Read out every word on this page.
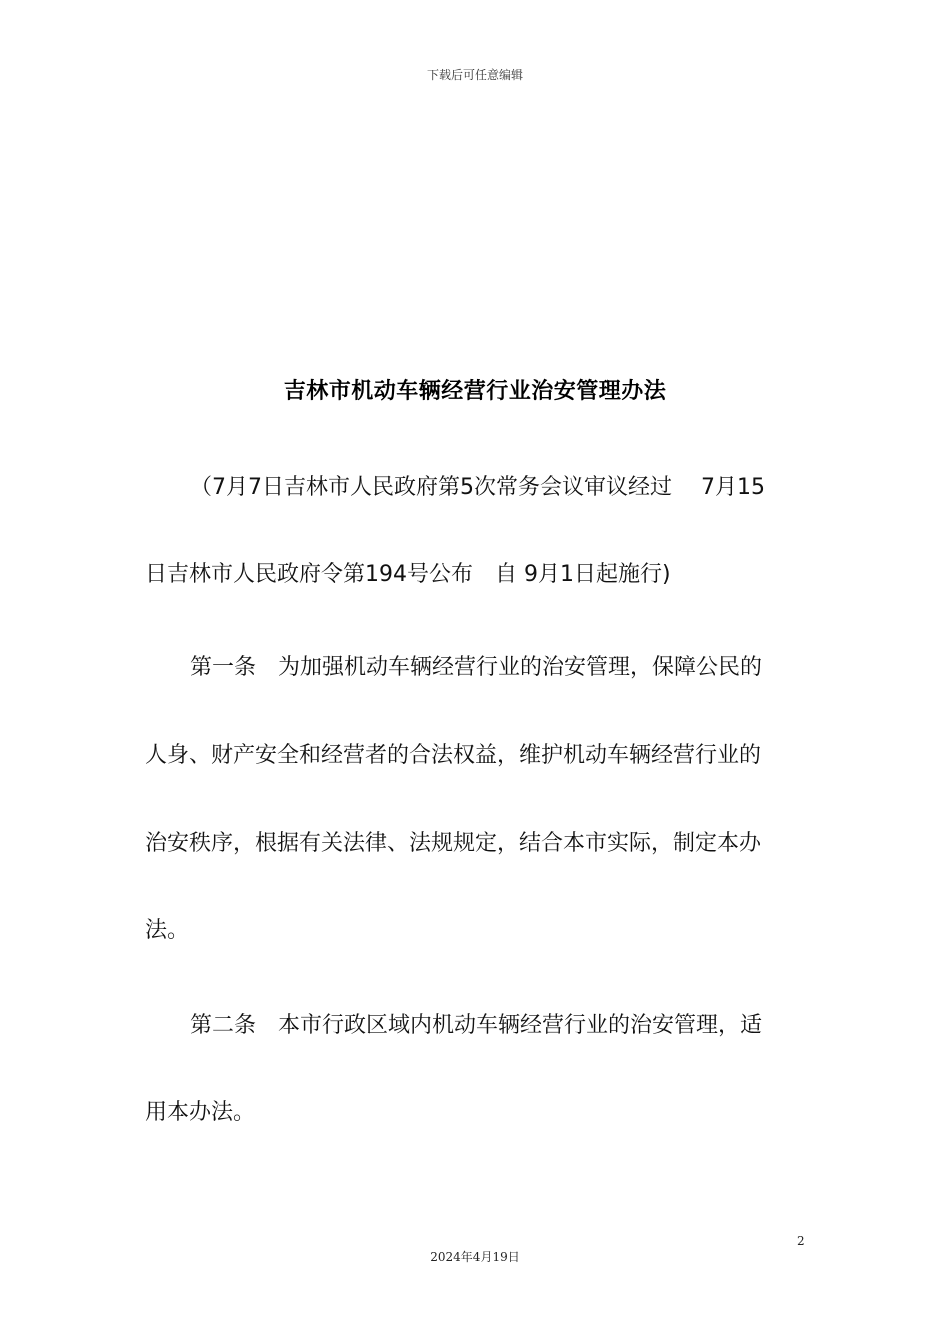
下载后可任意编辑
吉林市机动车辆经营行业治安管理办法
（7月7日吉林市人民政府第5次常务会议审议经过　 7月15
日吉林市人民政府令第194号公布　自 9月1日起施行)
第一条　为加强机动车辆经营行业的治安管理，保障公民的
人身、财产安全和经营者的合法权益，维护机动车辆经营行业的
治安秩序，根据有关法律、法规规定，结合本市实际，制定本办
法。
第二条　本市行政区域内机动车辆经营行业的治安管理，适
用本办法。
2
2024年4月19日
